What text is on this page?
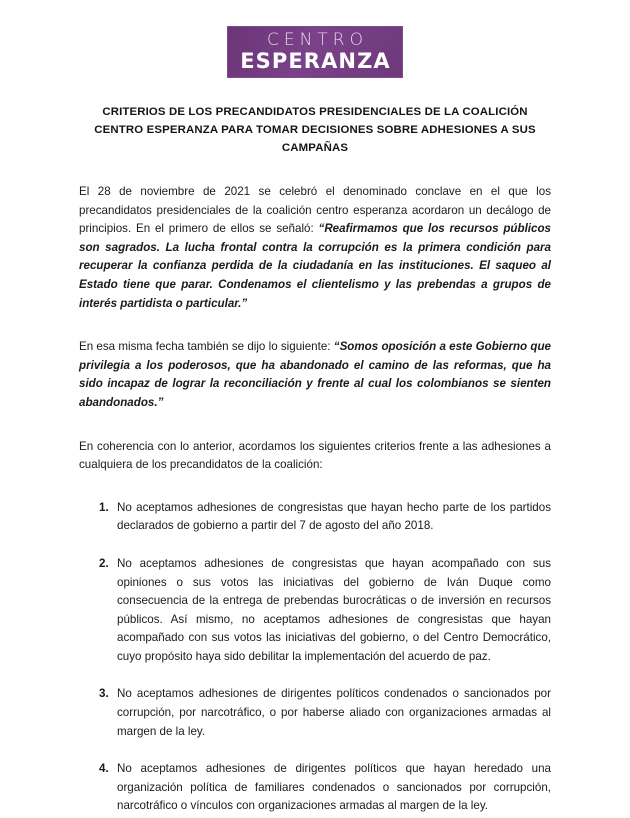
CENTRO
ESPERANZA
CRITERIOS DE LOS PRECANDIDATOS PRESIDENCIALES DE LA COALICIÓN CENTRO ESPERANZA PARA TOMAR DECISIONES SOBRE ADHESIONES A SUS CAMPAÑAS

El 28 de noviembre de 2021 se celebró el denominado conclave en el que los precandidatos presidenciales de la coalición centro esperanza acordaron un decálogo de principios. En el primero de ellos se señaló: “Reafirmamos que los recursos públicos son sagrados. La lucha frontal contra la corrupción es la primera condición para recuperar la confianza perdida de la ciudadanía en las instituciones. El saqueo al Estado tiene que parar. Condenamos el clientelismo y las prebendas a grupos de interés partidista o particular.”

En esa misma fecha también se dijo lo siguiente: “Somos oposición a este Gobierno que privilegia a los poderosos, que ha abandonado el camino de las reformas, que ha sido incapaz de lograr la reconciliación y frente al cual los colombianos se sienten abandonados.”

En coherencia con lo anterior, acordamos los siguientes criterios frente a las adhesiones a cualquiera de los precandidatos de la coalición:

No aceptamos adhesiones de congresistas que hayan hecho parte de los partidos declarados de gobierno a partir del 7 de agosto del año 2018.
No aceptamos adhesiones de congresistas que hayan acompañado con sus opiniones o sus votos las iniciativas del gobierno de Iván Duque como consecuencia de la entrega de prebendas burocráticas o de inversión en recursos públicos. Así mismo, no aceptamos adhesiones de congresistas que hayan acompañado con sus votos las iniciativas del gobierno, o del Centro Democrático, cuyo propósito haya sido debilitar la implementación del acuerdo de paz.
No aceptamos adhesiones de dirigentes políticos condenados o sancionados por corrupción, por narcotráfico, o por haberse aliado con organizaciones armadas al margen de la ley.
No aceptamos adhesiones de dirigentes políticos que hayan heredado una organización política de familiares condenados o sancionados por corrupción, narcotráfico o vínculos con organizaciones armadas al margen de la ley.
